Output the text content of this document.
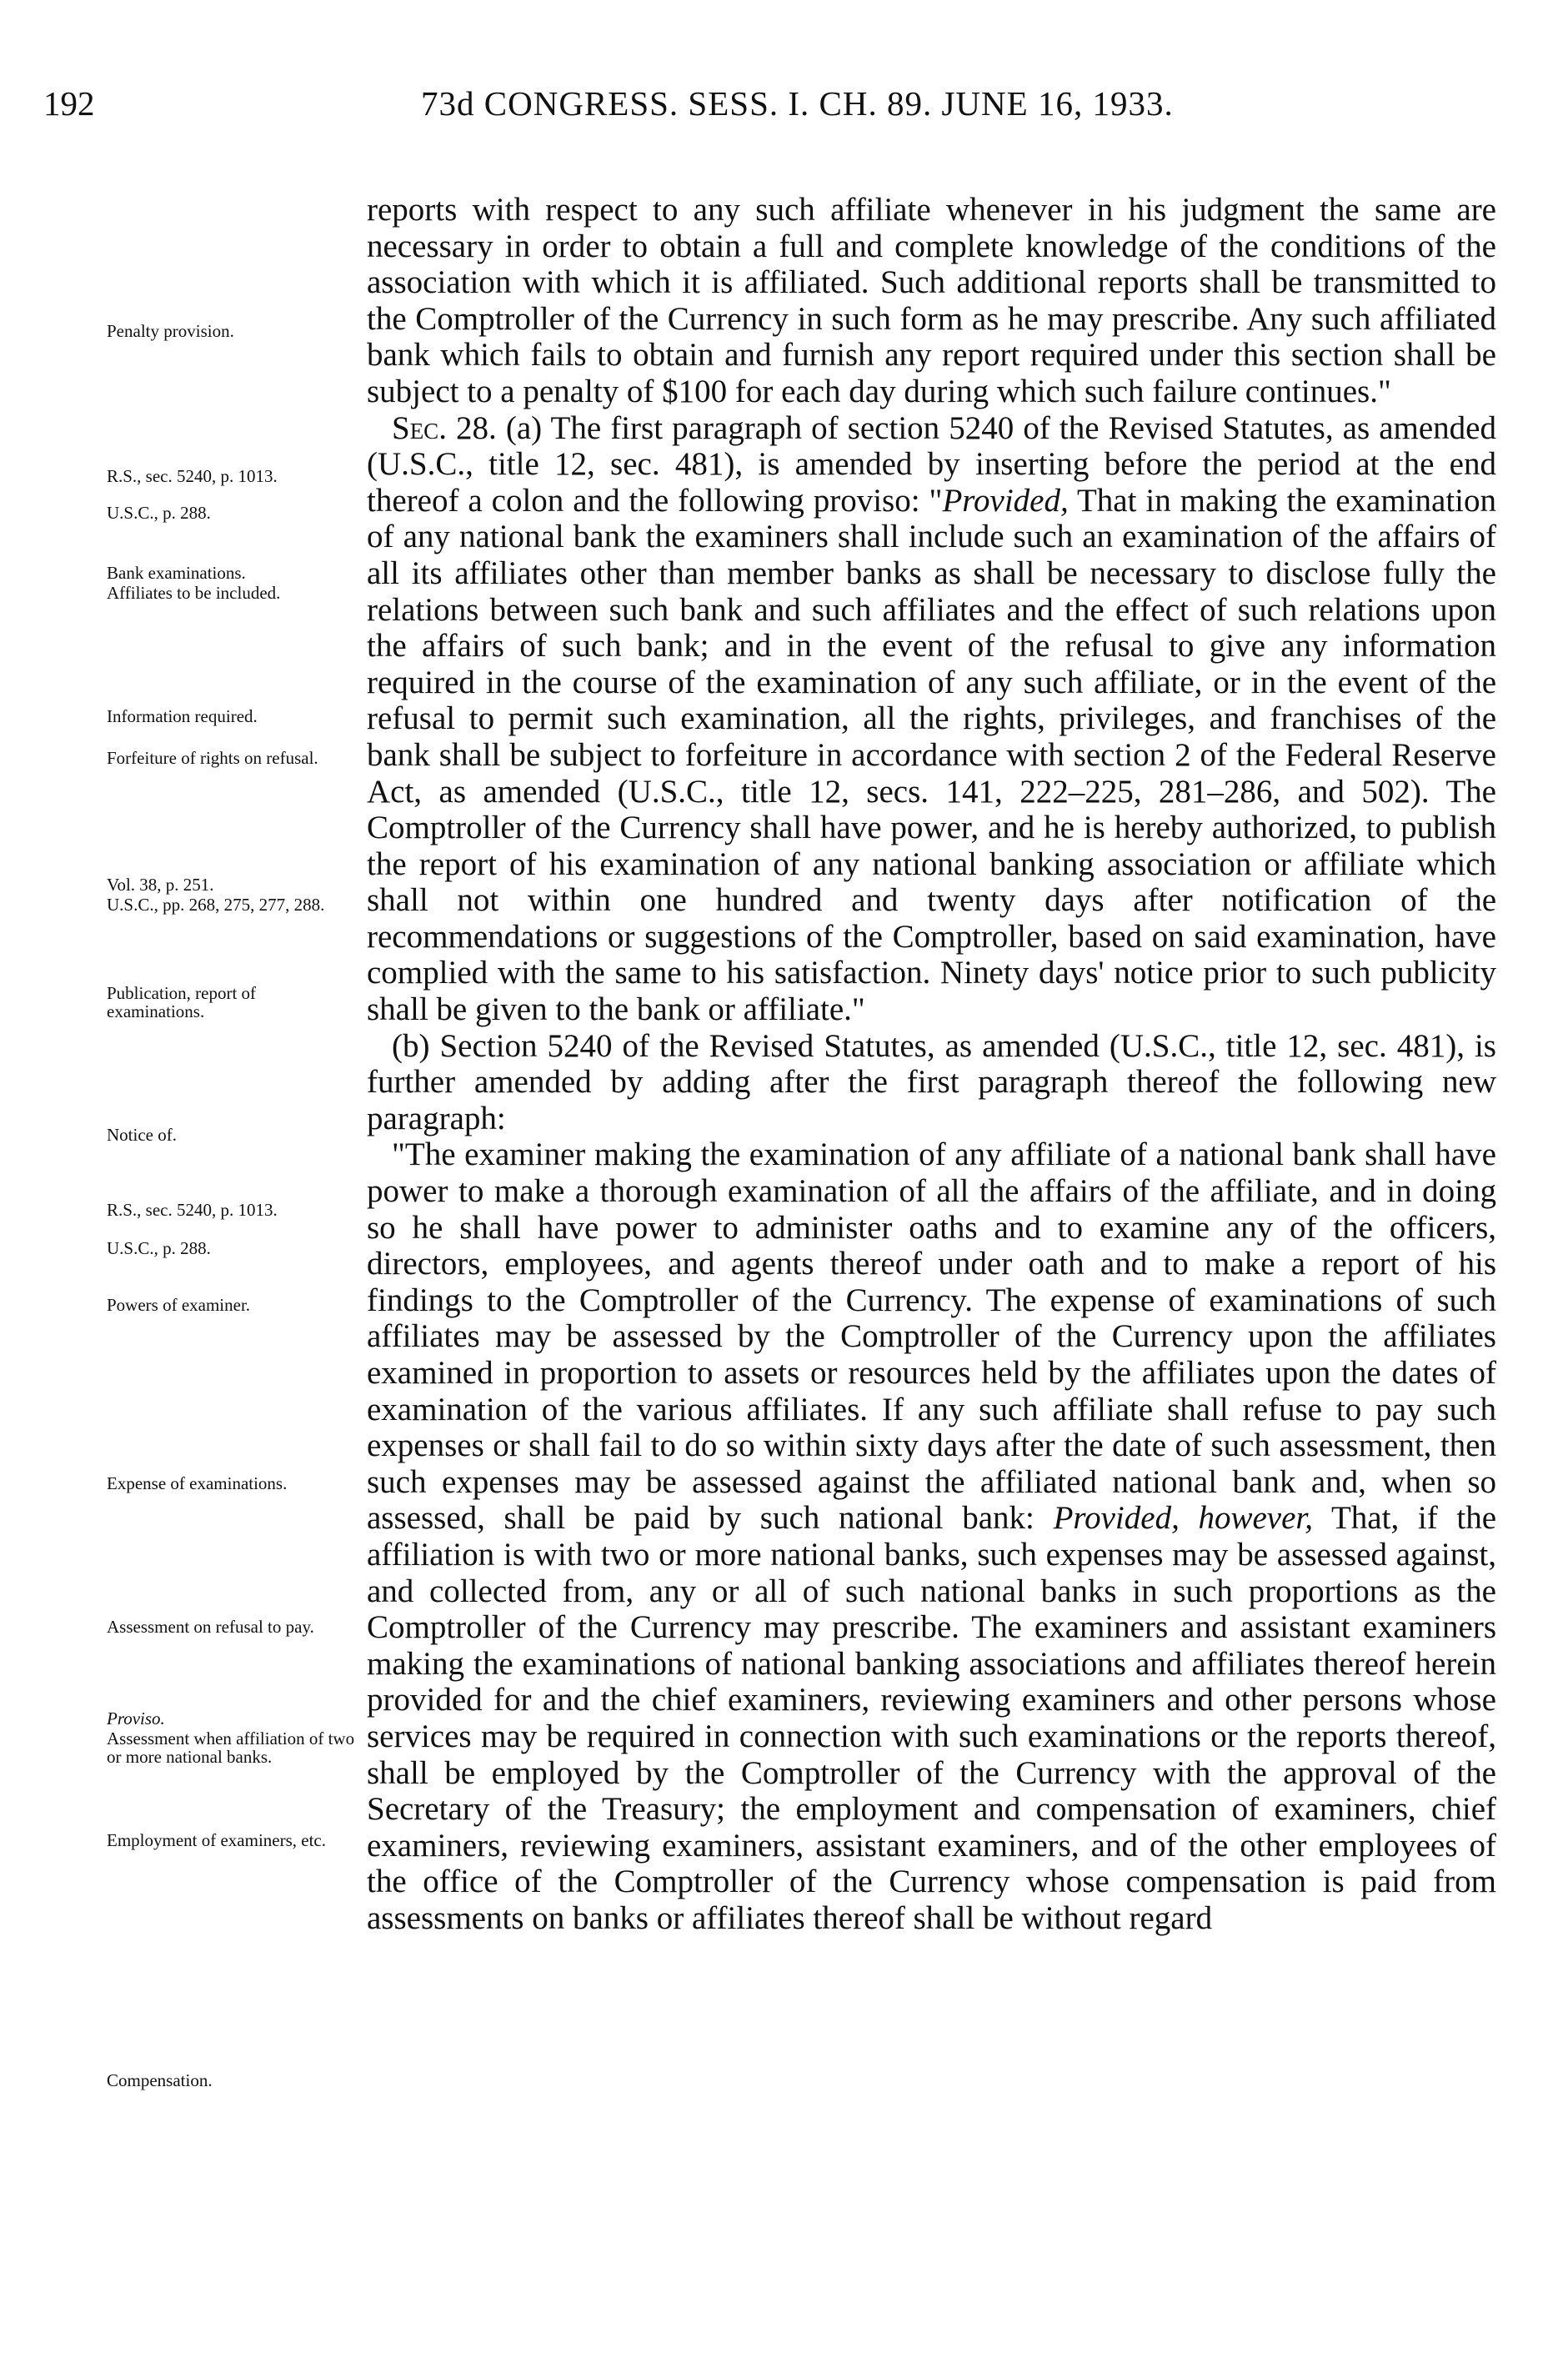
192	73d CONGRESS. SESS. I. CH. 89. JUNE 16, 1933.

Penalty provision.

R.S., sec. 5240, p. 1013.

U.S.C., p. 288.

Bank examinations.

Affiliates to be included.

Information required.

Forfeiture of rights on refusal.

Vol. 38, p. 251.

U.S.C., pp. 268, 275, 277, 288.

Publication, report of examinations.

Notice of.

R.S., sec. 5240, p. 1013.

U.S.C., p. 288.

Powers of examiner.

Expense of examinations.

Assessment on refusal to pay.

Proviso.

Assessment when affiliation of two or more national banks.

Employment of examiners, etc.

Compensation.

reports with respect to any such affiliate whenever in his judgment the same are necessary in order to obtain a full and complete knowledge of the conditions of the association with which it is affiliated. Such additional reports shall be transmitted to the Comptroller of the Currency in such form as he may prescribe. Any such affiliated bank which fails to obtain and furnish any report required under this section shall be subject to a penalty of $100 for each day during which such failure continues."

Sec. 28. (a) The first paragraph of section 5240 of the Revised Statutes, as amended (U.S.C., title 12, sec. 481), is amended by inserting before the period at the end thereof a colon and the following proviso: "Provided, That in making the examination of any national bank the examiners shall include such an examination of the affairs of all its affiliates other than member banks as shall be necessary to disclose fully the relations between such bank and such affiliates and the effect of such relations upon the affairs of such bank; and in the event of the refusal to give any information required in the course of the examination of any such affiliate, or in the event of the refusal to permit such examination, all the rights, privileges, and franchises of the bank shall be subject to forfeiture in accordance with section 2 of the Federal Reserve Act, as amended (U.S.C., title 12, secs. 141, 222–225, 281–286, and 502). The Comptroller of the Currency shall have power, and he is hereby authorized, to publish the report of his examination of any national banking association or affiliate which shall not within one hundred and twenty days after notification of the recommendations or suggestions of the Comptroller, based on said examination, have complied with the same to his satisfaction. Ninety days' notice prior to such publicity shall be given to the bank or affiliate."

(b) Section 5240 of the Revised Statutes, as amended (U.S.C., title 12, sec. 481), is further amended by adding after the first paragraph thereof the following new paragraph:

"The examiner making the examination of any affiliate of a national bank shall have power to make a thorough examination of all the affairs of the affiliate, and in doing so he shall have power to administer oaths and to examine any of the officers, directors, employees, and agents thereof under oath and to make a report of his findings to the Comptroller of the Currency. The expense of examinations of such affiliates may be assessed by the Comptroller of the Currency upon the affiliates examined in proportion to assets or resources held by the affiliates upon the dates of examination of the various affiliates. If any such affiliate shall refuse to pay such expenses or shall fail to do so within sixty days after the date of such assessment, then such expenses may be assessed against the affiliated national bank and, when so assessed, shall be paid by such national bank: Provided, however, That, if the affiliation is with two or more national banks, such expenses may be assessed against, and collected from, any or all of such national banks in such proportions as the Comptroller of the Currency may prescribe. The examiners and assistant examiners making the examinations of national banking associations and affiliates thereof herein provided for and the chief examiners, reviewing examiners and other persons whose services may be required in connection with such examinations or the reports thereof, shall be employed by the Comptroller of the Currency with the approval of the Secretary of the Treasury; the employment and compensation of examiners, chief examiners, reviewing examiners, assistant examiners, and of the other employees of the office of the Comptroller of the Currency whose compensation is paid from assessments on banks or affiliates thereof shall be without regard
